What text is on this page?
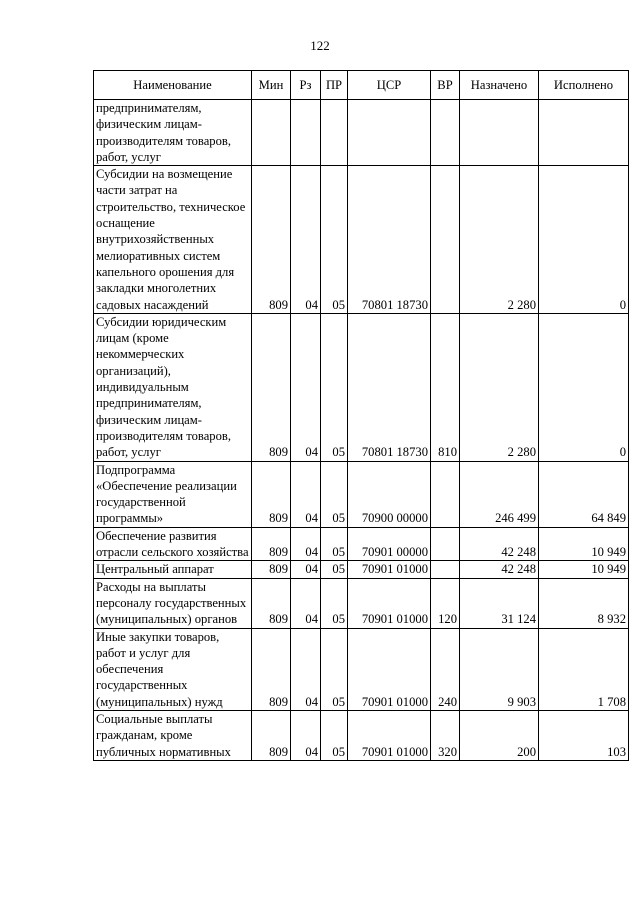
122
Наименование	Мин	Рз	ПР	ЦСР	ВР	Назначено	Исполнено
предпринимателям, физическим лицам-производителям товаров, работ, услуг							
Субсидии на возмещение части затрат на строительство, техническое оснащение внутрихозяйственных мелиоративных систем капельного орошения для закладки многолетних садовых насаждений	809	04	05	70801 18730		2 280	0
Субсидии юридическим лицам (кроме некоммерческих организаций), индивидуальным предпринимателям, физическим лицам-производителям товаров, работ, услуг	809	04	05	70801 18730	810	2 280	0
Подпрограмма «Обеспечение реализации государственной программы»	809	04	05	70900 00000		246 499	64 849
Обеспечение развития отрасли сельского хозяйства	809	04	05	70901 00000		42 248	10 949
Центральный аппарат	809	04	05	70901 01000		42 248	10 949
Расходы на выплаты персоналу государственных (муниципальных) органов	809	04	05	70901 01000	120	31 124	8 932
Иные закупки товаров, работ и услуг для обеспечения государственных (муниципальных) нужд	809	04	05	70901 01000	240	9 903	1 708
Социальные выплаты гражданам, кроме публичных нормативных	809	04	05	70901 01000	320	200	103
